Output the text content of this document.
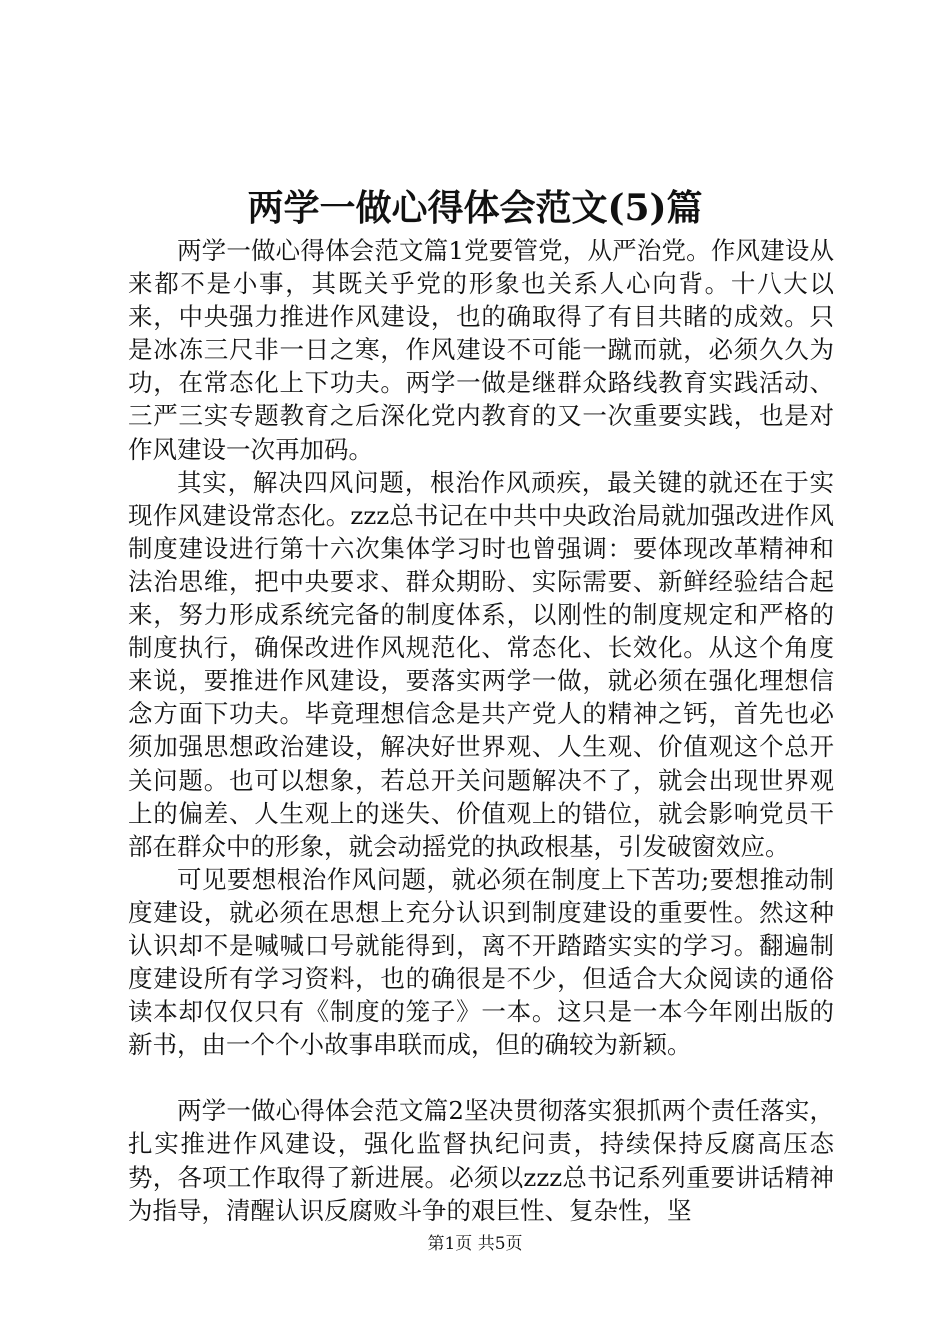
两学一做心得体会范文(5)篇

两学一做心得体会范文篇1党要管党，从严治党。作风建设从来都不是小事，其既关乎党的形象也关系人心向背。十八大以来，中央强力推进作风建设，也的确取得了有目共睹的成效。只是冰冻三尺非一日之寒，作风建设不可能一蹴而就，必须久久为功，在常态化上下功夫。两学一做是继群众路线教育实践活动、三严三实专题教育之后深化党内教育的又一次重要实践，也是对作风建设一次再加码。

其实，解决四风问题，根治作风顽疾，最关键的就还在于实现作风建设常态化。zzz总书记在中共中央政治局就加强改进作风制度建设进行第十六次集体学习时也曾强调：要体现改革精神和法治思维，把中央要求、群众期盼、实际需要、新鲜经验结合起来，努力形成系统完备的制度体系，以刚性的制度规定和严格的制度执行，确保改进作风规范化、常态化、长效化。从这个角度来说，要推进作风建设，要落实两学一做，就必须在强化理想信念方面下功夫。毕竟理想信念是共产党人的精神之钙，首先也必须加强思想政治建设，解决好世界观、人生观、价值观这个总开关问题。也可以想象，若总开关问题解决不了，就会出现世界观上的偏差、人生观上的迷失、价值观上的错位，就会影响党员干部在群众中的形象，就会动摇党的执政根基，引发破窗效应。

可见要想根治作风问题，就必须在制度上下苦功;要想推动制度建设，就必须在思想上充分认识到制度建设的重要性。然这种认识却不是喊喊口号就能得到，离不开踏踏实实的学习。翻遍制度建设所有学习资料，也的确很是不少，但适合大众阅读的通俗读本却仅仅只有《制度的笼子》一本。这只是一本今年刚出版的新书，由一个个小故事串联而成，但的确较为新颖。

两学一做心得体会范文篇2坚决贯彻落实狠抓两个责任落实，扎实推进作风建设，强化监督执纪问责，持续保持反腐高压态势，各项工作取得了新进展。必须以zzz总书记系列重要讲话精神为指导，清醒认识反腐败斗争的艰巨性、复杂性，坚

第1页 共5页
